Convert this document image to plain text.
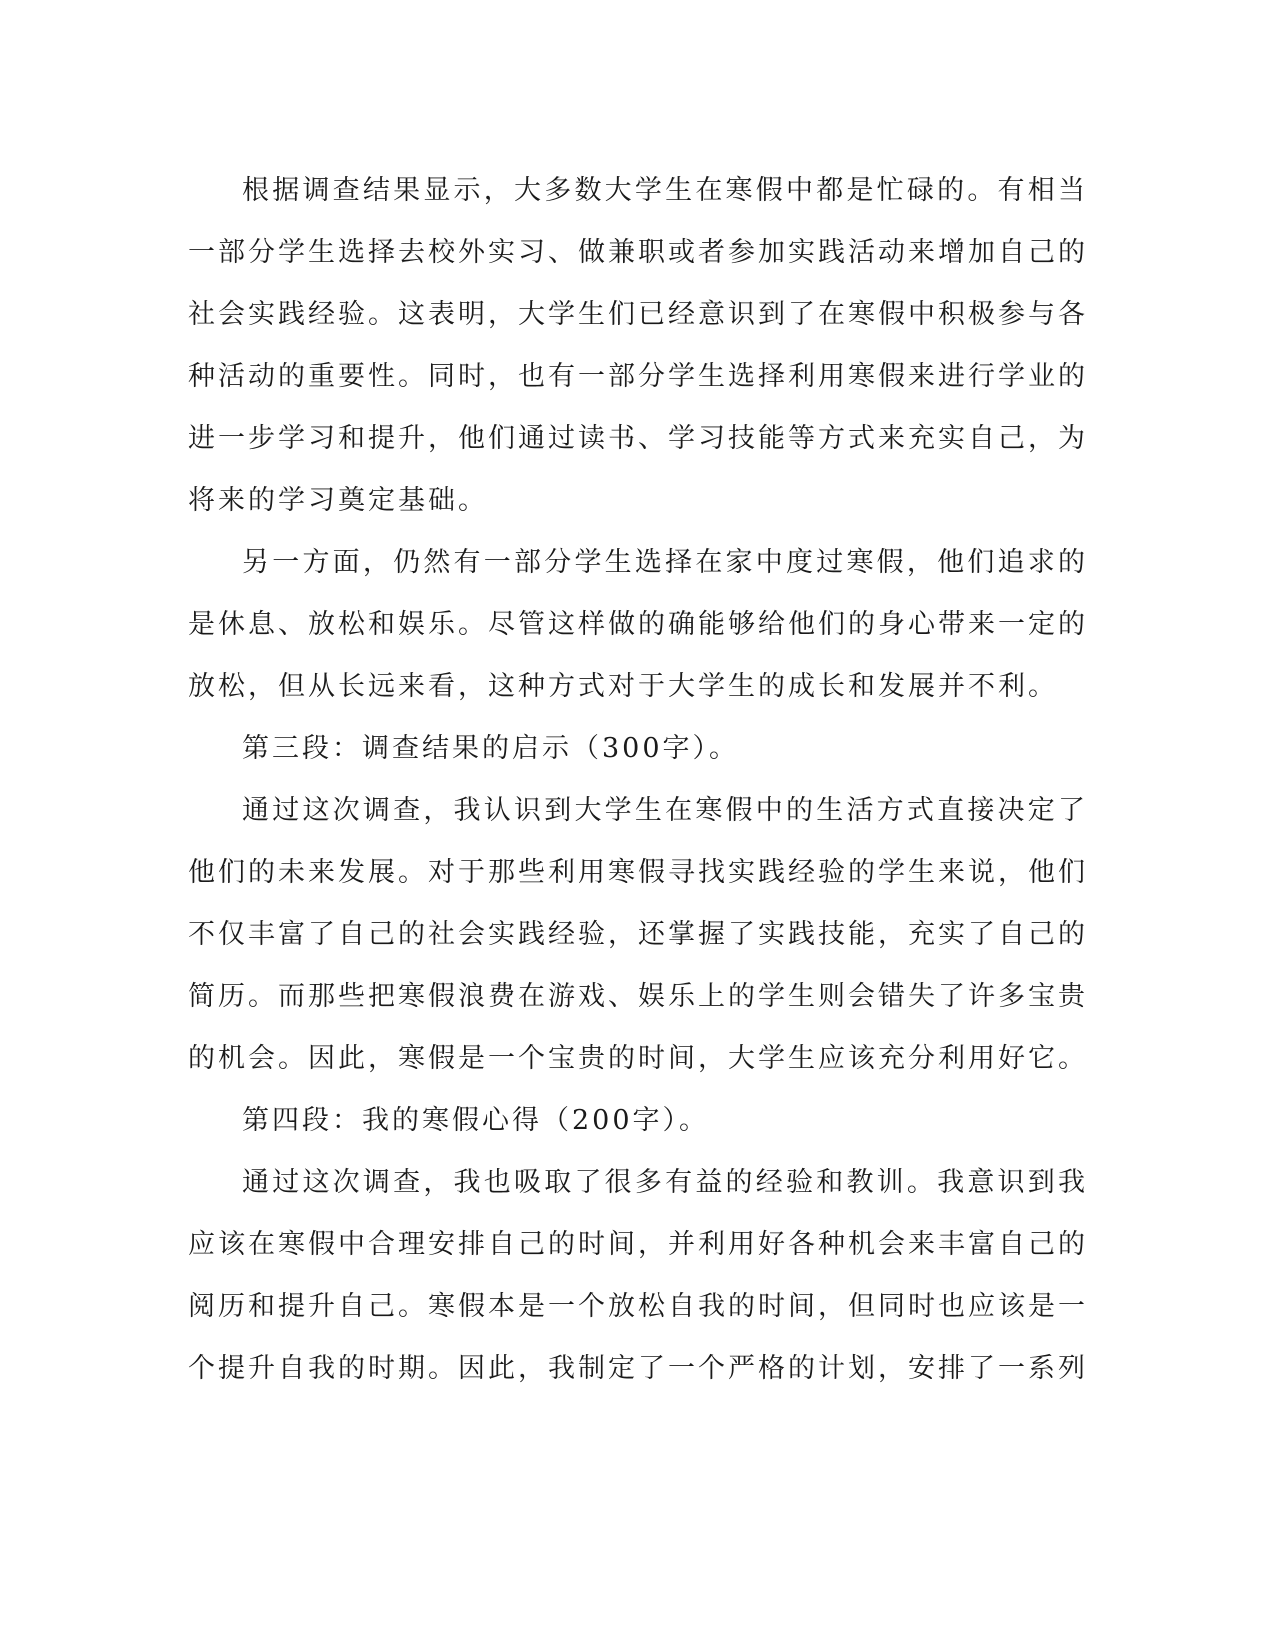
根据调查结果显示，大多数大学生在寒假中都是忙碌的。有相当一部分学生选择去校外实习、做兼职或者参加实践活动来增加自己的社会实践经验。这表明，大学生们已经意识到了在寒假中积极参与各种活动的重要性。同时，也有一部分学生选择利用寒假来进行学业的进一步学习和提升，他们通过读书、学习技能等方式来充实自己，为将来的学习奠定基础。

另一方面，仍然有一部分学生选择在家中度过寒假，他们追求的是休息、放松和娱乐。尽管这样做的确能够给他们的身心带来一定的放松，但从长远来看，这种方式对于大学生的成长和发展并不利。

第三段：调查结果的启示（300字）。

通过这次调查，我认识到大学生在寒假中的生活方式直接决定了他们的未来发展。对于那些利用寒假寻找实践经验的学生来说，他们不仅丰富了自己的社会实践经验，还掌握了实践技能，充实了自己的简历。而那些把寒假浪费在游戏、娱乐上的学生则会错失了许多宝贵的机会。因此，寒假是一个宝贵的时间，大学生应该充分利用好它。

第四段：我的寒假心得（200字）。

通过这次调查，我也吸取了很多有益的经验和教训。我意识到我应该在寒假中合理安排自己的时间，并利用好各种机会来丰富自己的阅历和提升自己。寒假本是一个放松自我的时间，但同时也应该是一个提升自我的时期。因此，我制定了一个严格的计划，安排了一系列
